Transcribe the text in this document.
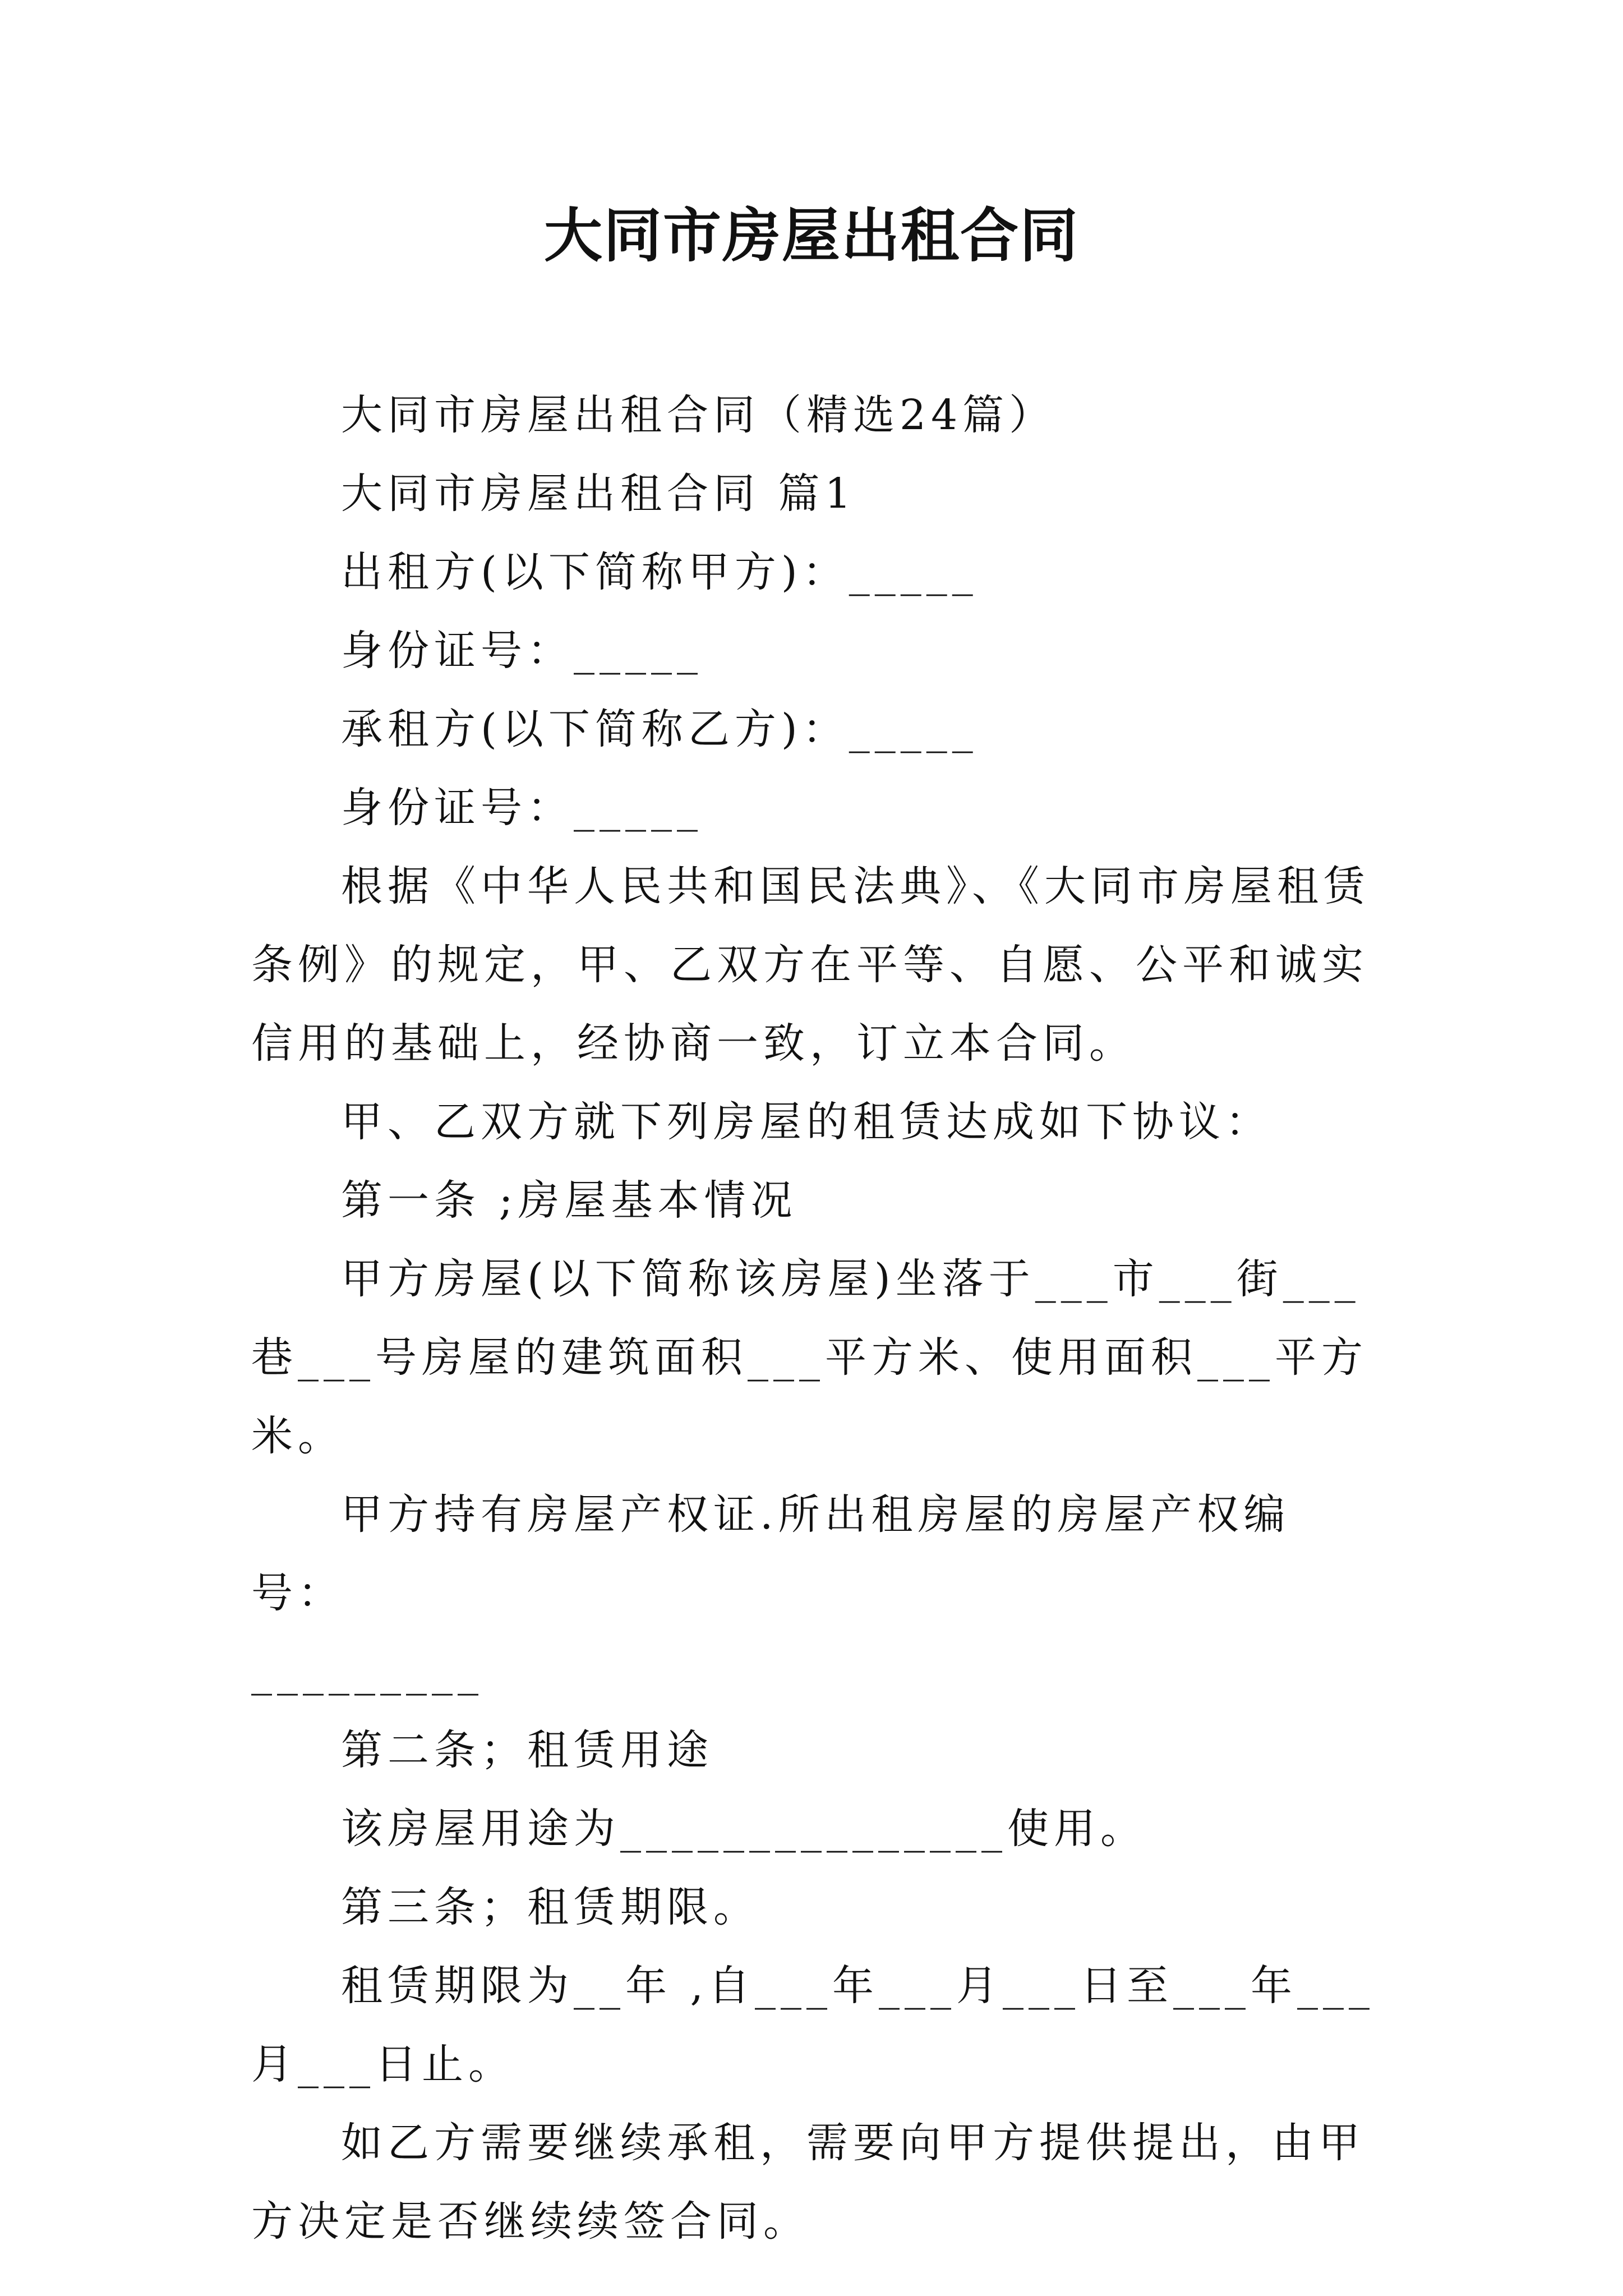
大同市房屋出租合同

大同市房屋出租合同（精选24篇）

大同市房屋出租合同 篇1

出租方(以下简称甲方)：_____

身份证号：_____

承租方(以下简称乙方)：_____

身份证号：_____

根据《中华人民共和国民法典》、《大同市房屋租赁条例》的规定，甲、乙双方在平等、自愿、公平和诚实信用的基础上，经协商一致，订立本合同。

甲、乙双方就下列房屋的租赁达成如下协议：

第一条 ;房屋基本情况

甲方房屋(以下简称该房屋)坐落于___市___街___巷___号房屋的建筑面积___平方米、使用面积___平方米。

甲方持有房屋产权证.所出租房屋的房屋产权编号：

_________

第二条；租赁用途

该房屋用途为_______________使用。

第三条；租赁期限。

租赁期限为__年 ,自___年___月___日至___年___月___日止。

如乙方需要继续承租，需要向甲方提供提出，由甲方决定是否继续续签合同。
